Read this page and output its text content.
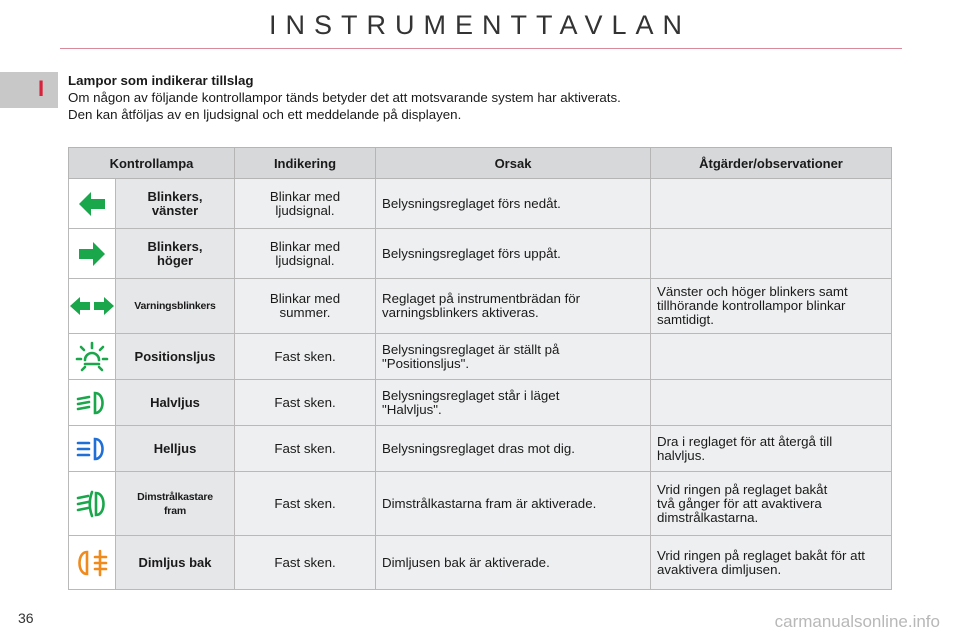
INSTRUMENTTAVLAN
I Lampor som indikerar tillslag
Om någon av följande kontrollampor tänds betyder det att motsvarande system har aktiverats.
Den kan åtföljas av en ljudsignal och ett meddelande på displayen.
Kontrollampa		Indikering	Orsak	Åtgärder/observationer

	Blinkers,
vänster	Blinkar med
ljudsignal.	Belysningsreglaget förs nedåt.	

	Blinkers,
höger	Blinkar med
ljudsignal.	Belysningsreglaget förs uppåt.	

	Varningsblinkers	Blinkar med
summer.	Reglaget på instrumentbrädan för
varningsblinkers aktiveras.	Vänster och höger blinkers samt
tillhörande kontrollampor blinkar
samtidigt.

	Positionsljus	Fast sken.	Belysningsreglaget är ställt på
"Positionsljus".	

	Halvljus	Fast sken.	Belysningsreglaget står i läget
"Halvljus".	

	Helljus	Fast sken.	Belysningsreglaget dras mot dig.	Dra i reglaget för att återgå till
halvljus.

	Dimstrålkastare
fram	Fast sken.	Dimstrålkastarna fram är aktiverade.	Vrid ringen på reglaget bakåt
två gånger för att avaktivera
dimstrålkastarna.

	Dimljus bak	Fast sken.	Dimljusen bak är aktiverade.	Vrid ringen på reglaget bakåt för att
avaktivera dimljusen.
36	carmanualsonline.info
